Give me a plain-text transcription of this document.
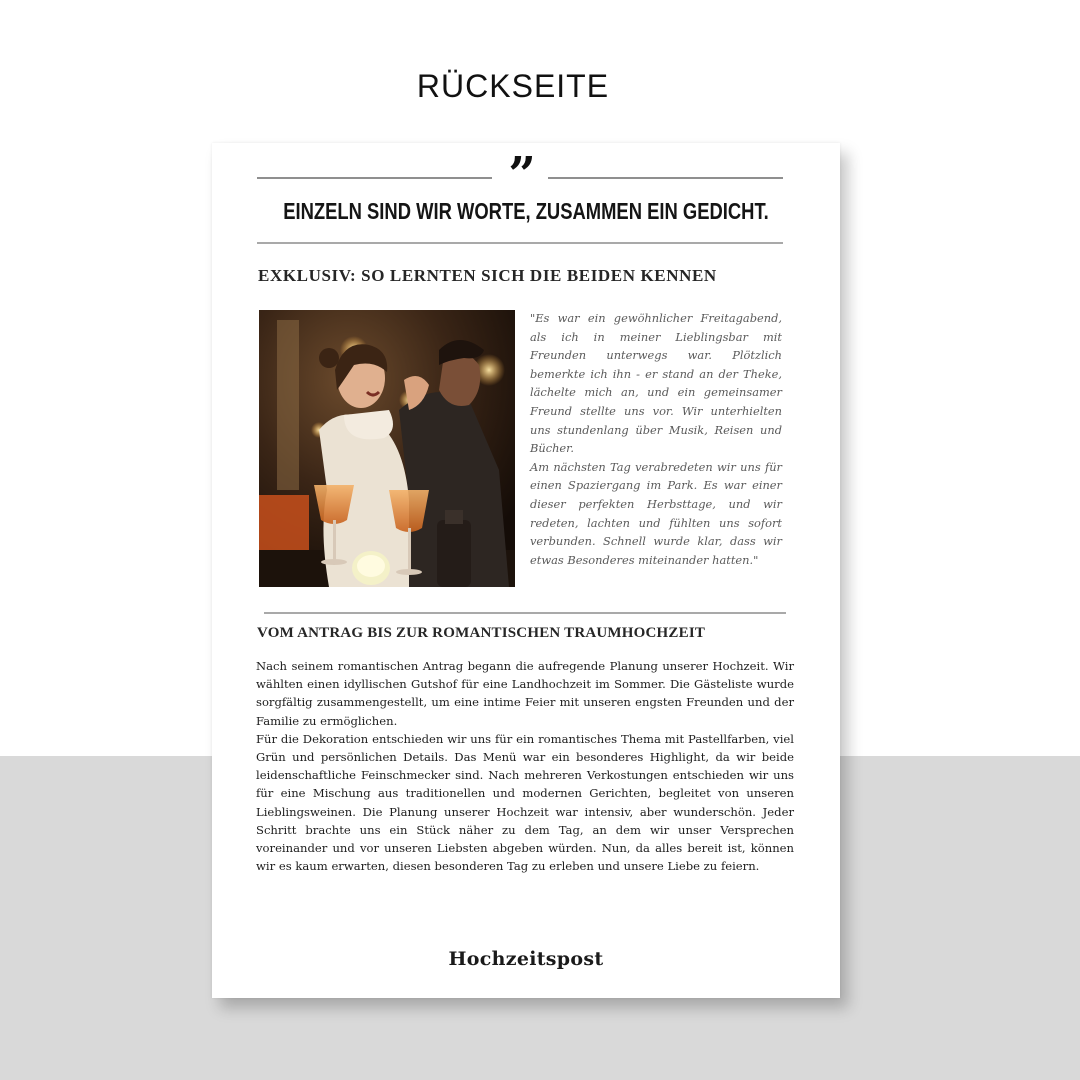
RÜCKSEITE
”
EINZELN SIND WIR WORTE, ZUSAMMEN EIN GEDICHT.
EXKLUSIV: SO LERNTEN SICH DIE BEIDEN KENNEN

"Es war ein gewöhnlicher Freitagabend, als ich in meiner Lieblingsbar mit Freunden unterwegs war. Plötzlich bemerkte ich ihn - er stand an der Theke, lächelte mich an, und ein gemeinsamer Freund stellte uns vor. Wir unterhielten uns stundenlang über Musik, Reisen und Bücher.

Am nächsten Tag verabredeten wir uns für einen Spaziergang im Park. Es war einer dieser perfekten Herbsttage, und wir redeten, lachten und fühlten uns sofort verbunden. Schnell wurde klar, dass wir etwas Besonderes miteinander hatten."

VOM ANTRAG BIS ZUR ROMANTISCHEN TRAUMHOCHZEIT

Nach seinem romantischen Antrag begann die aufregende Planung unserer Hochzeit. Wir wählten einen idyllischen Gutshof für eine Landhochzeit im Sommer. Die Gästeliste wurde sorgfältig zusammengestellt, um eine intime Feier mit unseren engsten Freunden und der Familie zu ermöglichen.

Für die Dekoration entschieden wir uns für ein romantisches Thema mit Pastellfarben, viel Grün und persönlichen Details. Das Menü war ein besonderes Highlight, da wir beide leidenschaftliche Feinschmecker sind. Nach mehreren Verkostungen entschieden wir uns für eine Mischung aus traditionellen und modernen Gerichten, begleitet von unseren Lieblingsweinen. Die Planung unserer Hochzeit war intensiv, aber wunderschön. Jeder Schritt brachte uns ein Stück näher zu dem Tag, an dem wir unser Versprechen voreinander und vor unseren Liebsten abgeben würden. Nun, da alles bereit ist, können wir es kaum erwarten, diesen besonderen Tag zu erleben und unsere Liebe zu feiern.

Hochzeitspost
